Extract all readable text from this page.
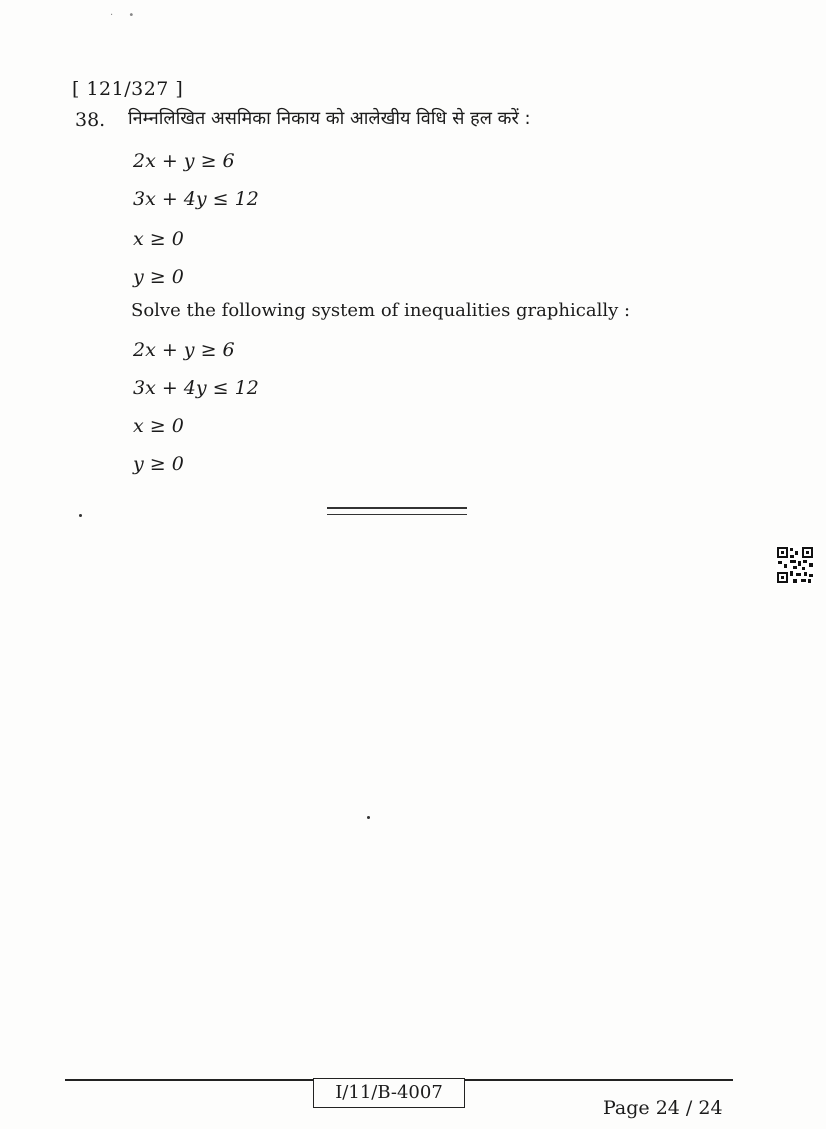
· •
[ 121/327 ]
38. निम्नलिखित असमिका निकाय को आलेखीय विधि से हल करें :
2x + y ≥ 6
3x + 4y ≤ 12
x ≥ 0
y ≥ 0
Solve the following system of inequalities graphically :
2x + y ≥ 6
3x + 4y ≤ 12
x ≥ 0
y ≥ 0
I/11/B-4007
Page 24 / 24
